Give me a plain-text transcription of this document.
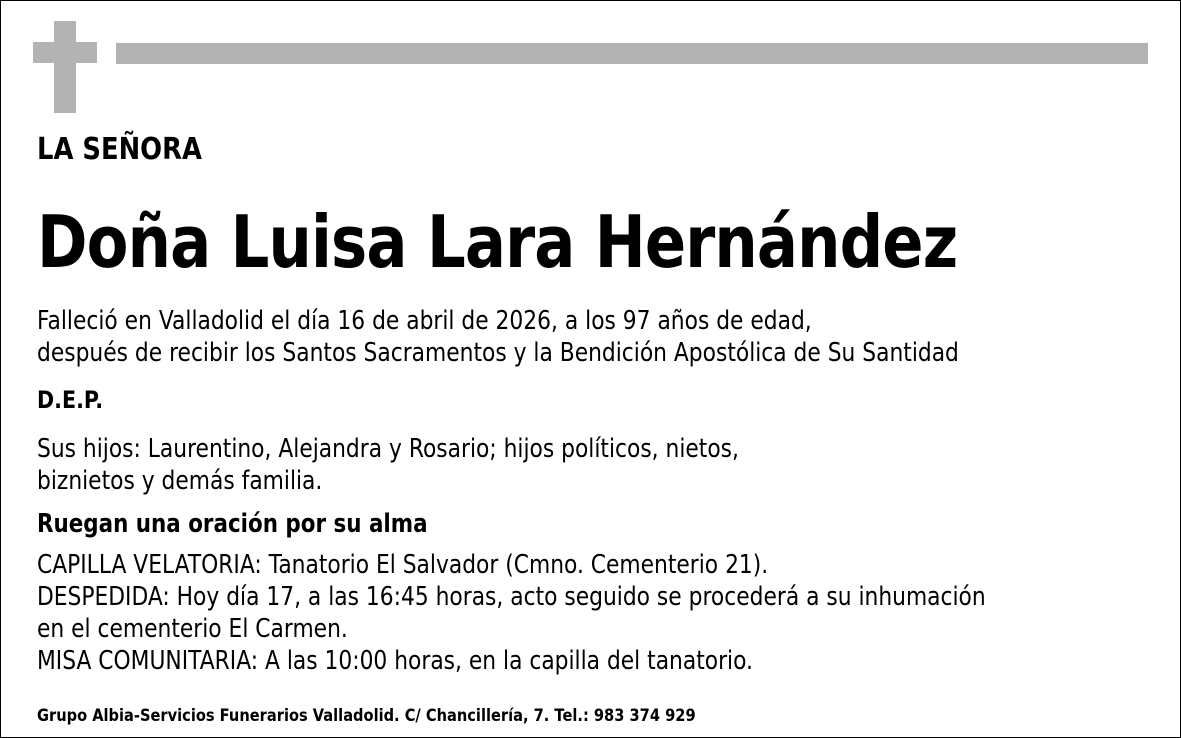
LA SEÑORA

Doña Luisa Lara Hernández

Falleció en Valladolid el día 16 de abril de 2026, a los 97 años de edad,

después de recibir los Santos Sacramentos y la Bendición Apostólica de Su Santidad

D.E.P.

Sus hijos: Laurentino, Alejandra y Rosario; hijos políticos, nietos,

biznietos y demás familia.

Ruegan una oración por su alma

CAPILLA VELATORIA: Tanatorio El Salvador (Cmno. Cementerio 21).

DESPEDIDA: Hoy día 17, a las 16:45 horas, acto seguido se procederá a su inhumación

en el cementerio El Carmen.

MISA COMUNITARIA: A las 10:00 horas, en la capilla del tanatorio.

Grupo Albia-Servicios Funerarios Valladolid. C/ Chancillería, 7. Tel.: 983 374 929
